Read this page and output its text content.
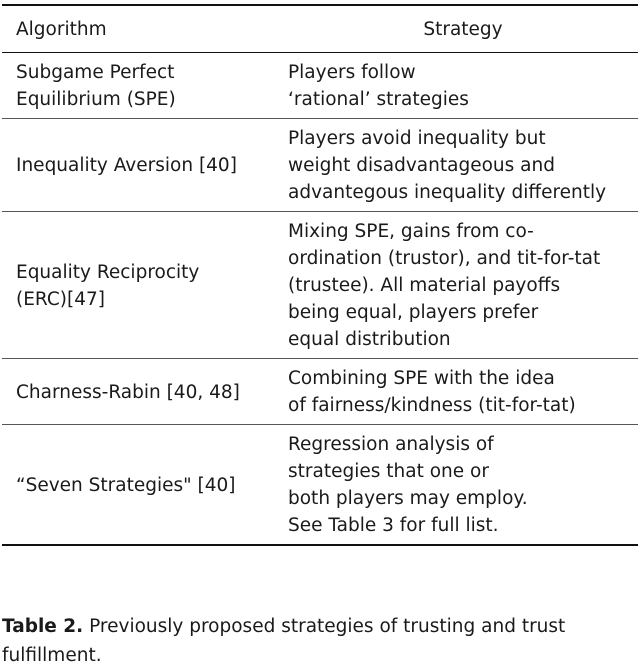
Algorithm	Strategy

Subgame Perfect
Equilibrium (SPE)	Players follow
‘rational’ strategies

Inequality Aversion [40]	Players avoid inequality but
weight disadvantageous and
advantegous inequality differently

Equality Reciprocity
(ERC)[47]	Mixing SPE, gains from co-
ordination (trustor), and tit-for-tat
(trustee). All material payoffs
being equal, players prefer
equal distribution

Charness-Rabin [40, 48]	Combining SPE with the idea
of fairness/kindness (tit-for-tat)

“Seven Strategies" [40]	Regression analysis of
strategies that one or
both players may employ.
See Table 3 for full list.
Table 2. Previously proposed strategies of trusting and trust fulfillment.
